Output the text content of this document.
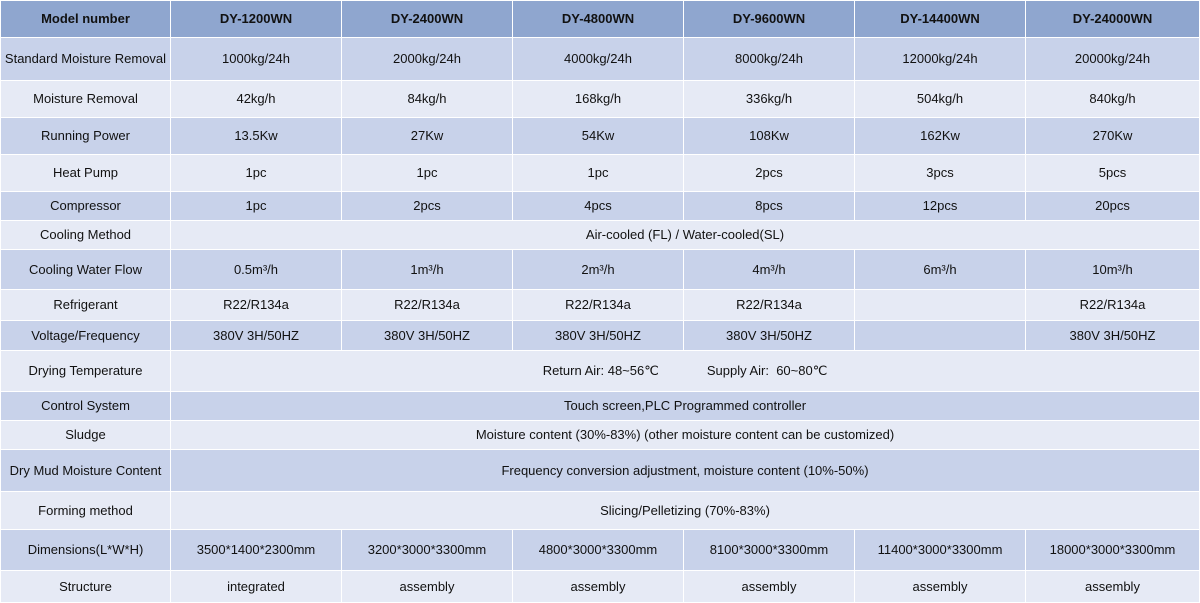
Model number	DY-1200WN	DY-2400WN	DY-4800WN	DY-9600WN	DY-14400WN	DY-24000WN
Standard Moisture Removal	1000kg/24h	2000kg/24h	4000kg/24h	8000kg/24h	12000kg/24h	20000kg/24h
Moisture Removal	42kg/h	84kg/h	168kg/h	336kg/h	504kg/h	840kg/h
Running Power	13.5Kw	27Kw	54Kw	108Kw	162Kw	270Kw
Heat Pump	1pc	1pc	1pc	2pcs	3pcs	5pcs
Compressor	1pc	2pcs	4pcs	8pcs	12pcs	20pcs
Cooling Method	Air-cooled (FL) / Water-cooled(SL)					
Cooling Water Flow	0.5m³/h	1m³/h	2m³/h	4m³/h	6m³/h	10m³/h
Refrigerant	R22/R134a	R22/R134a	R22/R134a	R22/R134a		R22/R134a
Voltage/Frequency	380V 3H/50HZ	380V 3H/50HZ	380V 3H/50HZ	380V 3H/50HZ		380V 3H/50HZ
Drying Temperature	Return Air: 48~56℃ Supply Air:  60~80℃					
Control System	Touch screen,PLC Programmed controller					
Sludge	Moisture content (30%-83%) (other moisture content can be customized)					
Dry Mud Moisture Content	Frequency conversion adjustment, moisture content (10%-50%)					
Forming method	Slicing/Pelletizing (70%-83%)					
Dimensions(L*W*H)	3500*1400*2300mm	3200*3000*3300mm	4800*3000*3300mm	8100*3000*3300mm	11400*3000*3300mm	18000*3000*3300mm
Structure	integrated	assembly	assembly	assembly	assembly	assembly
